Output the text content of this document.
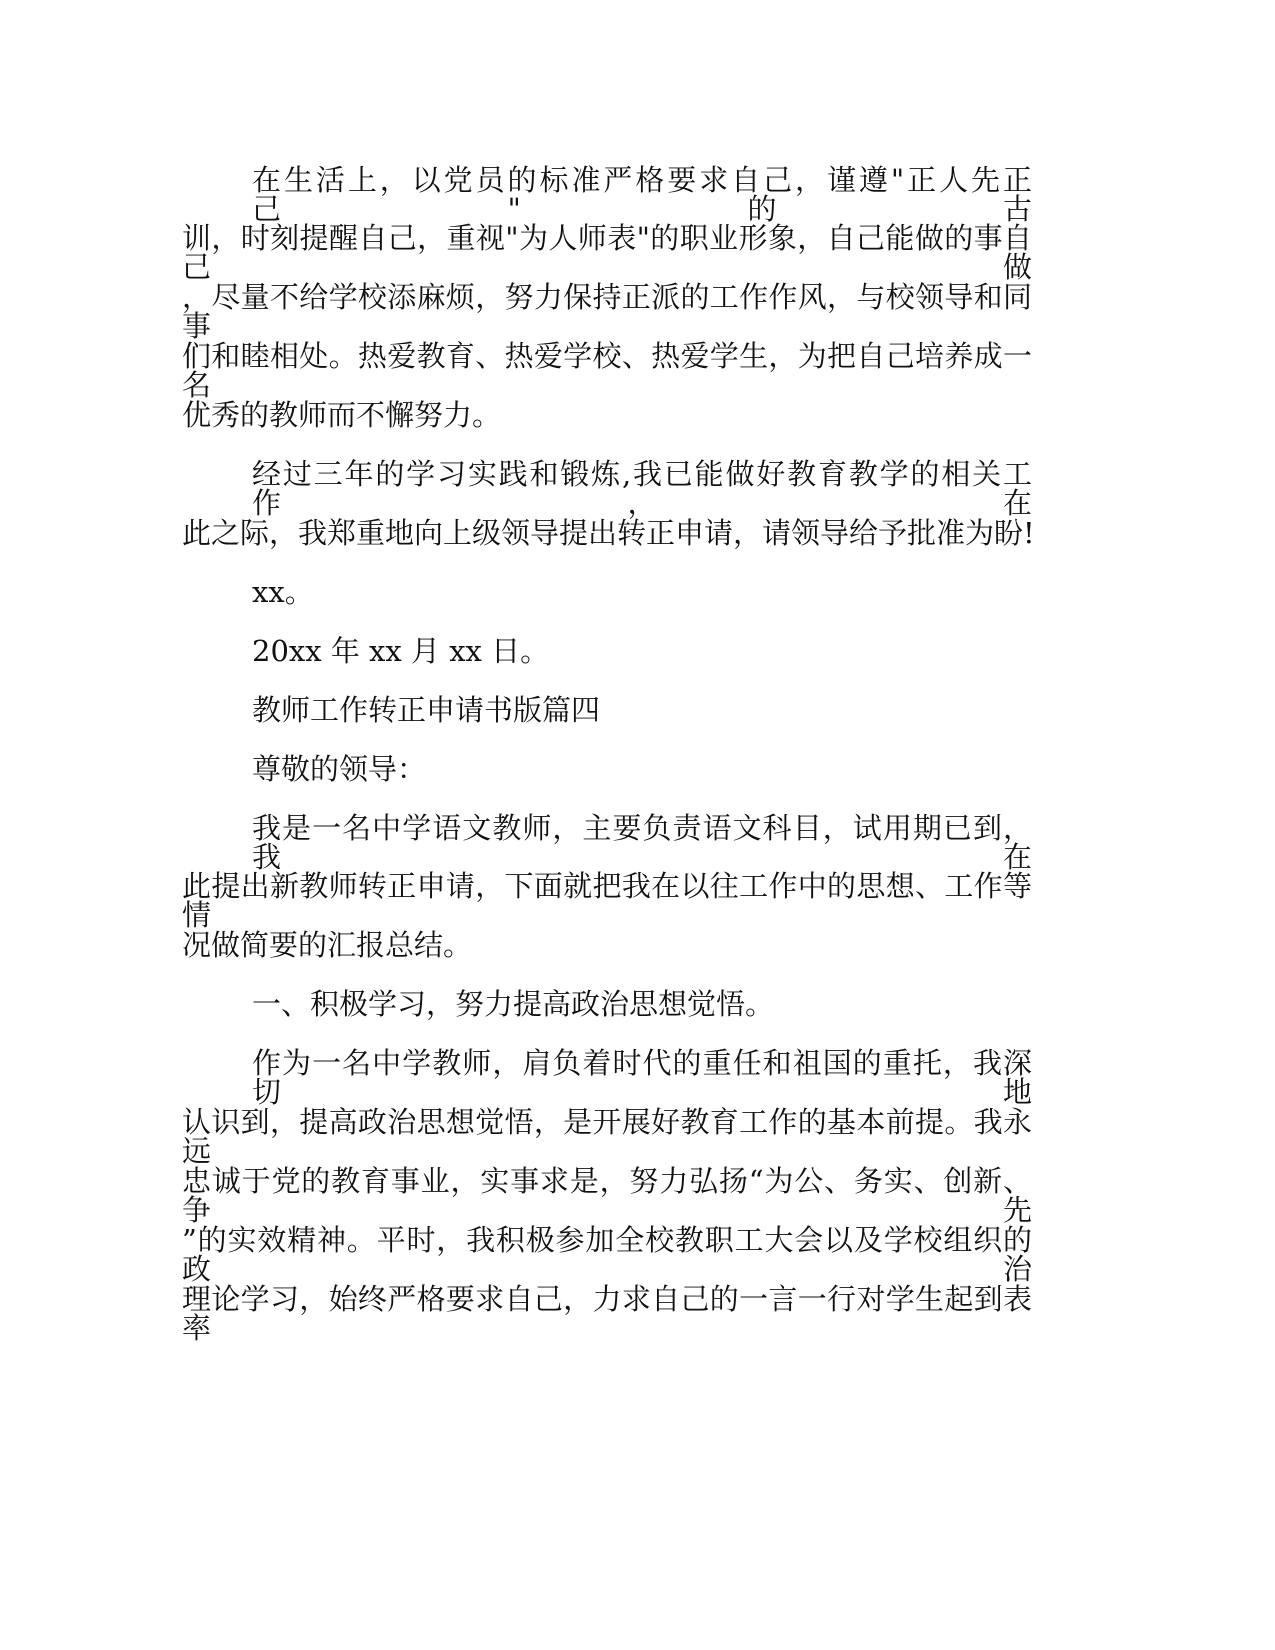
在生活上，以党员的标准严格要求自己，谨遵"正人先正己"的古
训，时刻提醒自己，重视"为人师表"的职业形象，自己能做的事自己做
，尽量不给学校添麻烦，努力保持正派的工作作风，与校领导和同事
们和睦相处。热爱教育、热爱学校、热爱学生，为把自己培养成一名
优秀的教师而不懈努力。
经过三年的学习实践和锻炼,我已能做好教育教学的相关工作，在
此之际，我郑重地向上级领导提出转正申请，请领导给予批准为盼!
xx。
20xx 年 xx 月 xx 日。
教师工作转正申请书版篇四
尊敬的领导：
我是一名中学语文教师，主要负责语文科目，试用期已到，我在
此提出新教师转正申请，下面就把我在以往工作中的思想、工作等情
况做简要的汇报总结。
一、积极学习，努力提高政治思想觉悟。
作为一名中学教师，肩负着时代的重任和祖国的重托，我深切地
认识到，提高政治思想觉悟，是开展好教育工作的基本前提。我永远
忠诚于党的教育事业，实事求是，努力弘扬“为公、务实、创新、争先
”的实效精神。平时，我积极参加全校教职工大会以及学校组织的政治
理论学习，始终严格要求自己，力求自己的一言一行对学生起到表率
